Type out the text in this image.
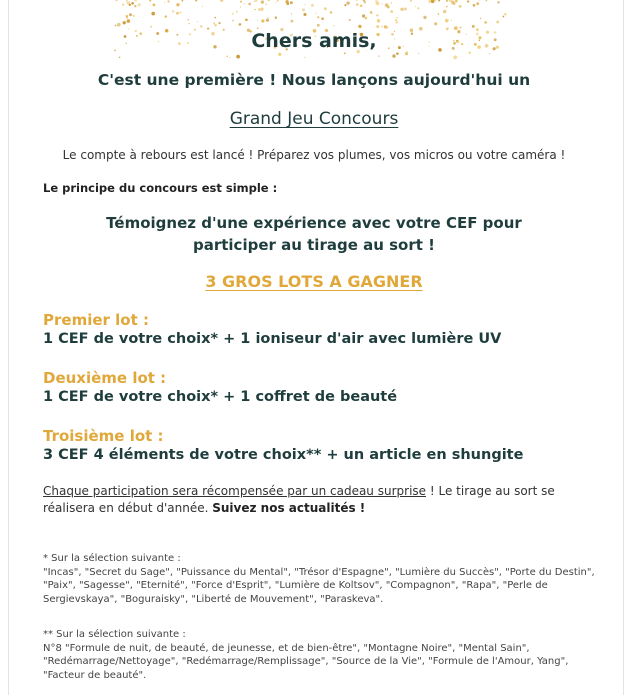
Chers amis,
C'est une première ! Nous lançons aujourd'hui un
Grand Jeu Concours
Le compte à rebours est lancé ! Préparez vos plumes, vos micros ou votre caméra !
Le principe du concours est simple :
Témoignez d'une expérience avec votre CEF pour participer au tirage au sort !
3 GROS LOTS A GAGNER
Premier lot :
1 CEF de votre choix* + 1 ioniseur d'air avec lumière UV
Deuxième lot :
1 CEF de votre choix* + 1 coffret de beauté
Troisième lot :
3 CEF 4 éléments de votre choix** + un article en shungite
Chaque participation sera récompensée par un cadeau surprise ! Le tirage au sort se réalisera en début d'année. Suivez nos actualités !
* Sur la sélection suivante :
"Incas", "Secret du Sage", "Puissance du Mental", "Trésor d'Espagne", "Lumière du Succès", "Porte du Destin", "Paix", "Sagesse", "Eternité", "Force d'Esprit", "Lumière de Koltsov", "Compagnon", "Rapa", "Perle de Sergievskaya", "Boguraisky", "Liberté de Mouvement", "Paraskeva".
** Sur la sélection suivante :
N°8 "Formule de nuit, de beauté, de jeunesse, et de bien-être", "Montagne Noire", "Mental Sain", "Redémarrage/Nettoyage", "Redémarrage/Remplissage", "Source de la Vie", "Formule de l'Amour, Yang", "Facteur de beauté".
